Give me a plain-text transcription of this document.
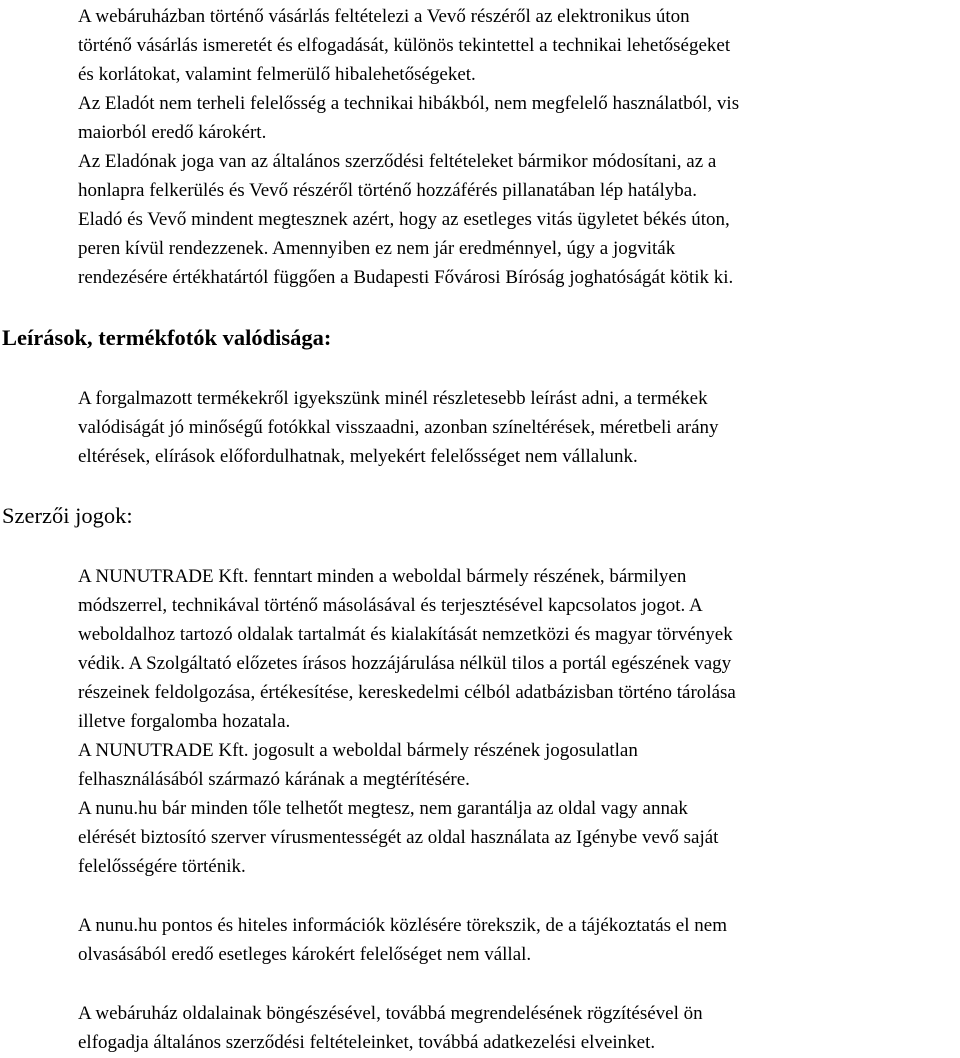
A webáruházban történő vásárlás feltételezi a Vevő részéről az elektronikus úton
történő vásárlás ismeretét és elfogadását, különös tekintettel a technikai lehetőségeket
és korlátokat, valamint felmerülő hibalehetőségeket.
Az Eladót nem terheli felelősség a technikai hibákból, nem megfelelő használatból, vis
maiorból eredő károkért.
Az Eladónak joga van az általános szerződési feltételeket bármikor módosítani, az a
honlapra felkerülés és Vevő részéről történő hozzáférés pillanatában lép hatályba.
Eladó és Vevő mindent megtesznek azért, hogy az esetleges vitás ügyletet békés úton,
peren kívül rendezzenek. Amennyiben ez nem jár eredménnyel, úgy a jogviták
rendezésére értékhatártól függően a Budapesti Fővárosi Bíróság joghatóságát kötik ki.
Leírások, termékfotók valódisága:
A forgalmazott termékekről igyekszünk minél részletesebb leírást adni, a termékek
valódiságát jó minőségű fotókkal visszaadni, azonban színeltérések, méretbeli arány
eltérések, elírások előfordulhatnak, melyekért felelősséget nem vállalunk.
Szerzői jogok:
A NUNUTRADE Kft. fenntart minden a weboldal bármely részének, bármilyen
módszerrel, technikával történő másolásával és terjesztésével kapcsolatos jogot. A
weboldalhoz tartozó oldalak tartalmát és kialakítását nemzetközi és magyar törvények
védik. A Szolgáltató előzetes írásos hozzájárulása nélkül tilos a portál egészének vagy
részeinek feldolgozása, értékesítése, kereskedelmi célból adatbázisban történo tárolása
illetve forgalomba hozatala.
A NUNUTRADE Kft. jogosult a weboldal bármely részének jogosulatlan
felhasználásából származó kárának a megtérítésére.
A nunu.hu bár minden tőle telhetőt megtesz, nem garantálja az oldal vagy annak
elérését biztosító szerver vírusmentességét az oldal használata az Igénybe vevő saját
felelősségére történik.
A nunu.hu pontos és hiteles információk közlésére törekszik, de a tájékoztatás el nem
olvasásából eredő esetleges károkért felelőséget nem vállal.
A webáruház oldalainak böngészésével, továbbá megrendelésének rögzítésével ön
elfogadja általános szerződési feltételeinket, továbbá adatkezelési elveinket.
